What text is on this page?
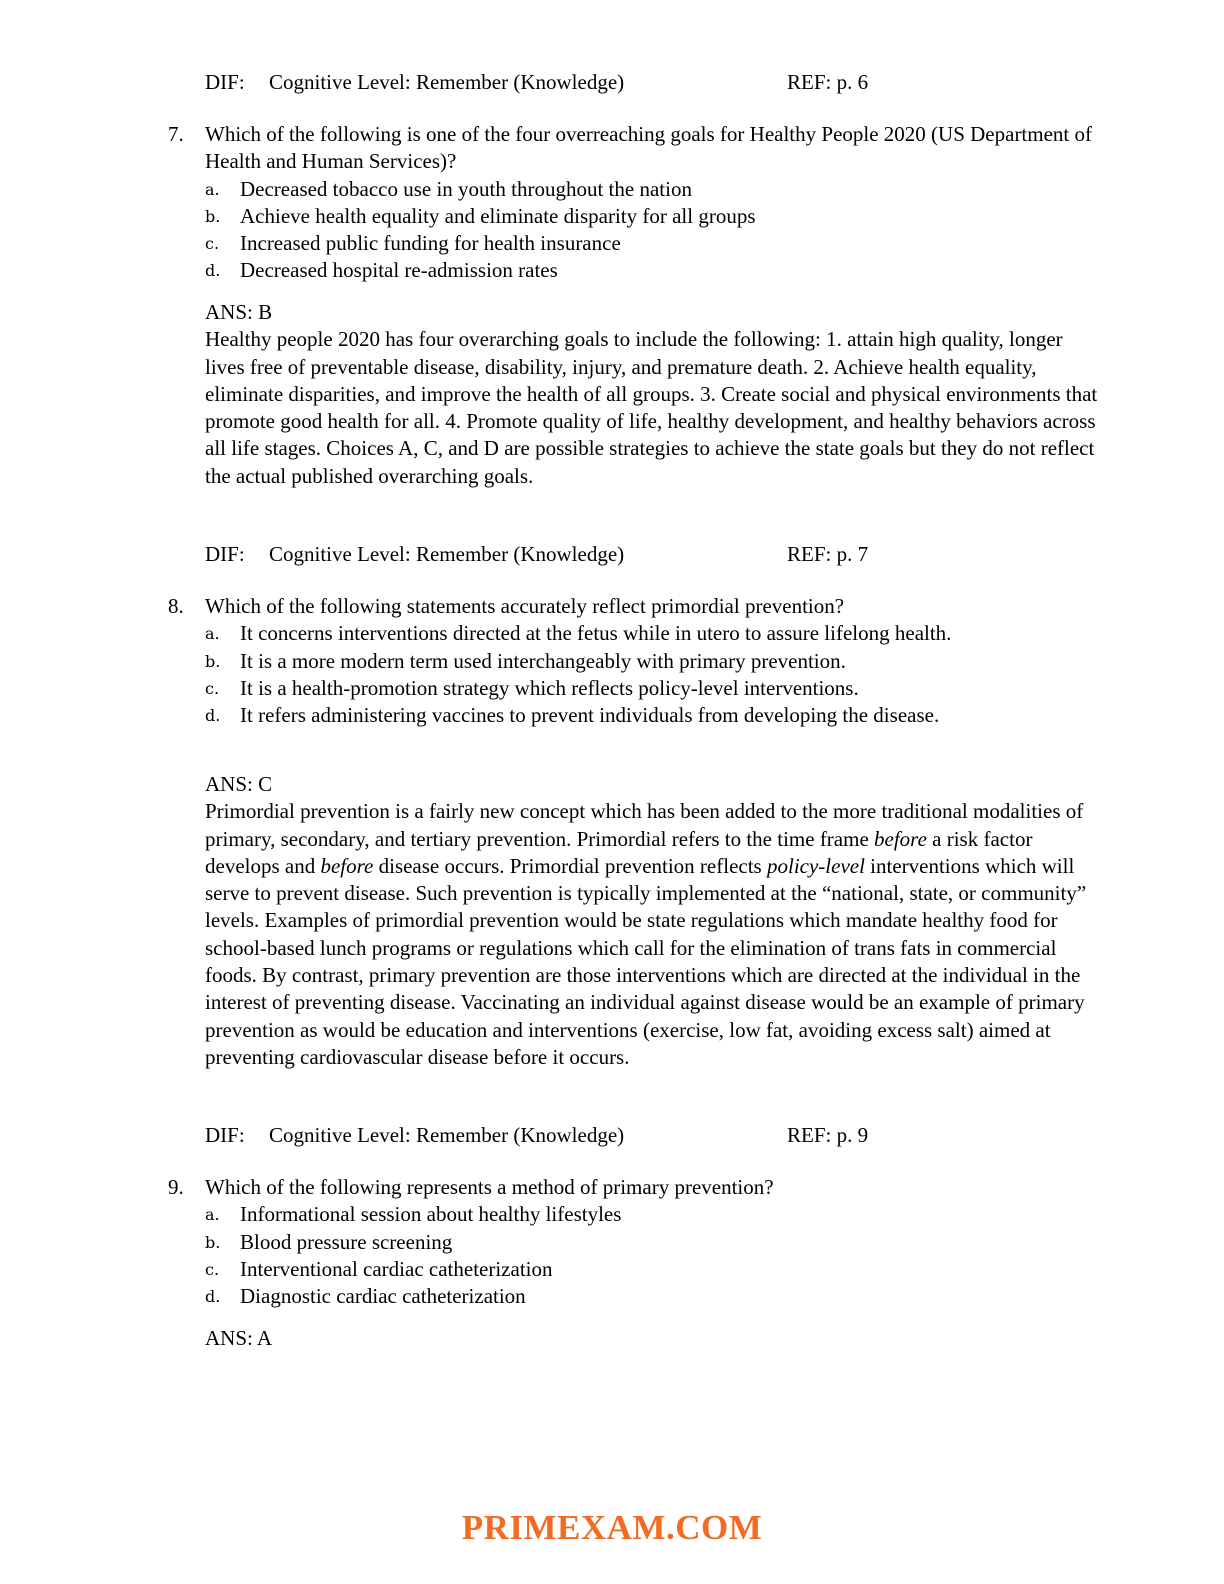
DIF: Cognitive Level: Remember (Knowledge)	REF: p. 6
7. Which of the following is one of the four overreaching goals for Healthy People 2020 (US Department of Health and Human Services)?
a. Decreased tobacco use in youth throughout the nation
b. Achieve health equality and eliminate disparity for all groups
c. Increased public funding for health insurance
d. Decreased hospital re-admission rates
ANS: B

Healthy people 2020 has four overarching goals to include the following: 1. attain high quality, longer lives free of preventable disease, disability, injury, and premature death. 2. Achieve health equality, eliminate disparities, and improve the health of all groups. 3. Create social and physical environments that promote good health for all. 4. Promote quality of life, healthy development, and healthy behaviors across all life stages. Choices A, C, and D are possible strategies to achieve the state goals but they do not reflect the actual published overarching goals.

DIF: Cognitive Level: Remember (Knowledge)	REF: p. 7
8. Which of the following statements accurately reflect primordial prevention?
a. It concerns interventions directed at the fetus while in utero to assure lifelong health.
b. It is a more modern term used interchangeably with primary prevention.
c. It is a health-promotion strategy which reflects policy-level interventions.
d. It refers administering vaccines to prevent individuals from developing the disease.
ANS: C

Primordial prevention is a fairly new concept which has been added to the more traditional modalities of primary, secondary, and tertiary prevention. Primordial refers to the time frame before a risk factor develops and before disease occurs. Primordial prevention reflects policy-level interventions which will serve to prevent disease. Such prevention is typically implemented at the “national, state, or community” levels. Examples of primordial prevention would be state regulations which mandate healthy food for school-based lunch programs or regulations which call for the elimination of trans fats in commercial foods. By contrast, primary prevention are those interventions which are directed at the individual in the interest of preventing disease. Vaccinating an individual against disease would be an example of primary prevention as would be education and interventions (exercise, low fat, avoiding excess salt) aimed at preventing cardiovascular disease before it occurs.

DIF: Cognitive Level: Remember (Knowledge)	REF: p. 9
9. Which of the following represents a method of primary prevention?
a. Informational session about healthy lifestyles
b. Blood pressure screening
c. Interventional cardiac catheterization
d. Diagnostic cardiac catheterization
ANS: A
PRIMEXAM.COM
